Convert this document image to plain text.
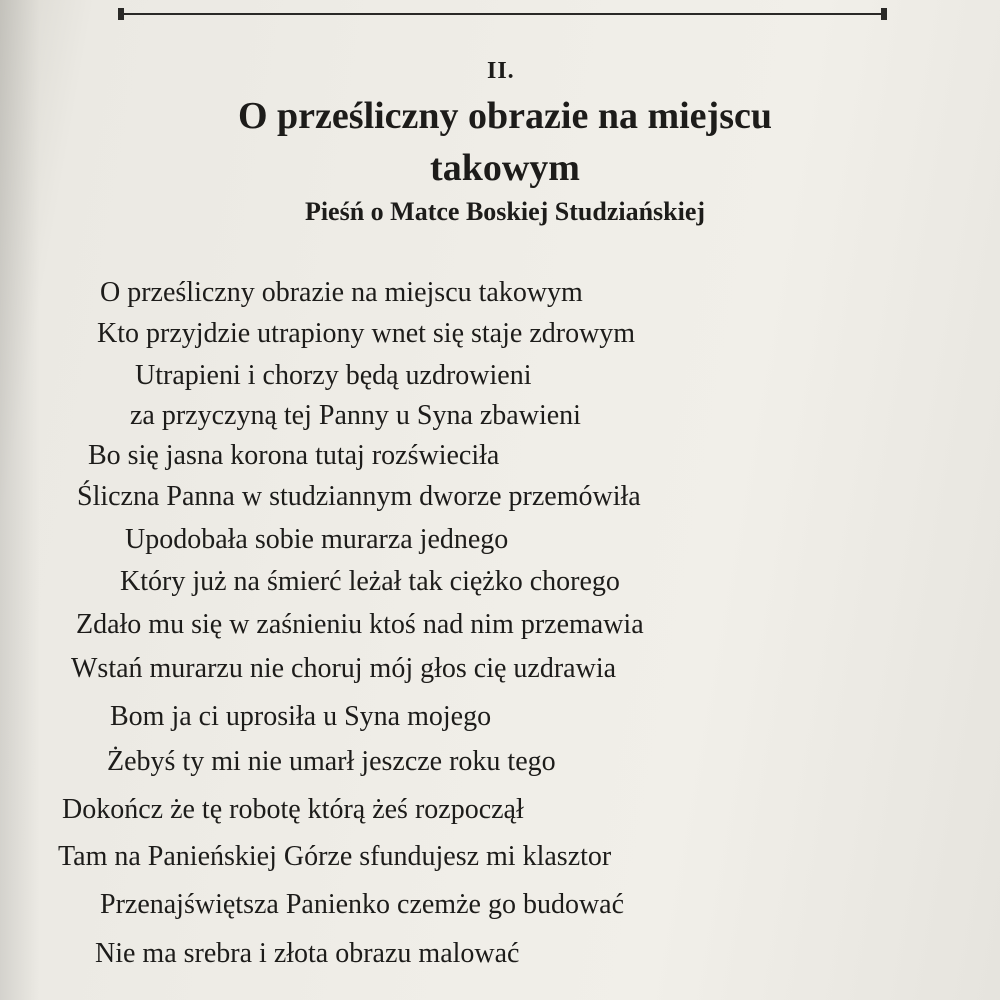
II.
O prześliczny obrazie na miejscu
takowym
Pieśń o Matce Boskiej Studziańskiej
O prześliczny obrazie na miejscu takowym
Kto przyjdzie utrapiony wnet się staje zdrowym
Utrapieni i chorzy będą uzdrowieni
za przyczyną tej Panny u Syna zbawieni
Bo się jasna korona tutaj rozświeciła
Śliczna Panna w studziannym dworze przemówiła
Upodobała sobie murarza jednego
Który już na śmierć leżał tak ciężko chorego
Zdało mu się w zaśnieniu ktoś nad nim przemawia
Wstań murarzu nie choruj mój głos cię uzdrawia
Bom ja ci uprosiła u Syna mojego
Żebyś ty mi nie umarł jeszcze roku tego
Dokończ że tę robotę którą żeś rozpoczął
Tam na Panieńskiej Górze sfundujesz mi klasztor
Przenajświętsza Panienko czemże go budować
Nie ma srebra i złota obrazu malować
